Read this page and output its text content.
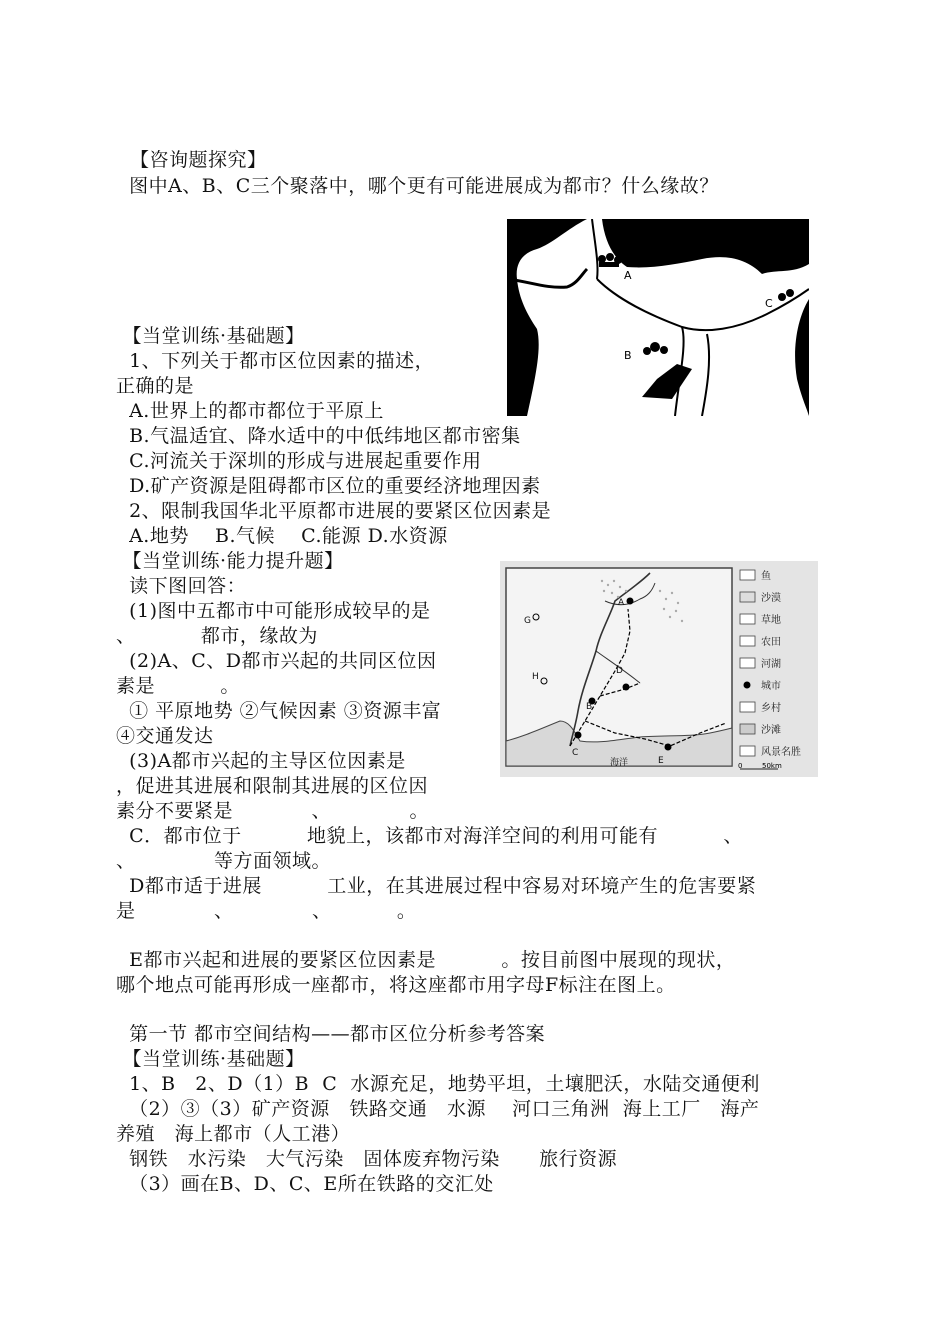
【咨询题探究】
图中A、B、C三个聚落中，哪个更有可能进展成为都市？什么缘故？
A
B
C
【当堂训练·基础题】
1、下列关于都市区位因素的描述，
正确的是
A.世界上的都市都位于平原上
B.气温适宜、降水适中的中低纬地区都市密集
C.河流关于深圳的形成与进展起重要作用
D.矿产资源是阻碍都市区位的重要经济地理因素
2、限制我国华北平原都市进展的要紧区位因素是
A.地势    B.气候    C.能源 D.水资源
【当堂训练·能力提升题】
读下图回答：
(1)图中五都市中可能形成较早的是
、          都市，缘故为
(2)A、C、D都市兴起的共同区位因
素是          。
① 平原地势 ②气候因素 ③资源丰富
④交通发达
(3)A都市兴起的主导区位因素是
，促进其进展和限制其进展的区位因
素分不要紧是            、            。
C．都市位于          地貌上，该都市对海洋空间的利用可能有          、
、            等方面领域。
D都市适于进展          工业，在其进展过程中容易对环境产生的危害要紧
是            、            、          。
E都市兴起和进展的要紧区位因素是          。按目前图中展现的现状，
哪个地点可能再形成一座都市，将这座都市用字母F标注在图上。
A
B
C
D
E
G
H
海洋
鱼
沙漠
草地
农田
河湖
城市
乡村
沙滩
风景名胜
0	50km
第一节 都市空间结构——都市区位分析参考答案
【当堂训练·基础题】
1、B   2、D（1）B  C  水源充足，地势平坦，土壤肥沃，水陆交通便利
（2）③（3）矿产资源   铁路交通   水源    河口三角洲  海上工厂   海产
养殖   海上都市（人工港）
钢铁   水污染   大气污染   固体废弃物污染      旅行资源
（3）画在B、D、C、E所在铁路的交汇处
